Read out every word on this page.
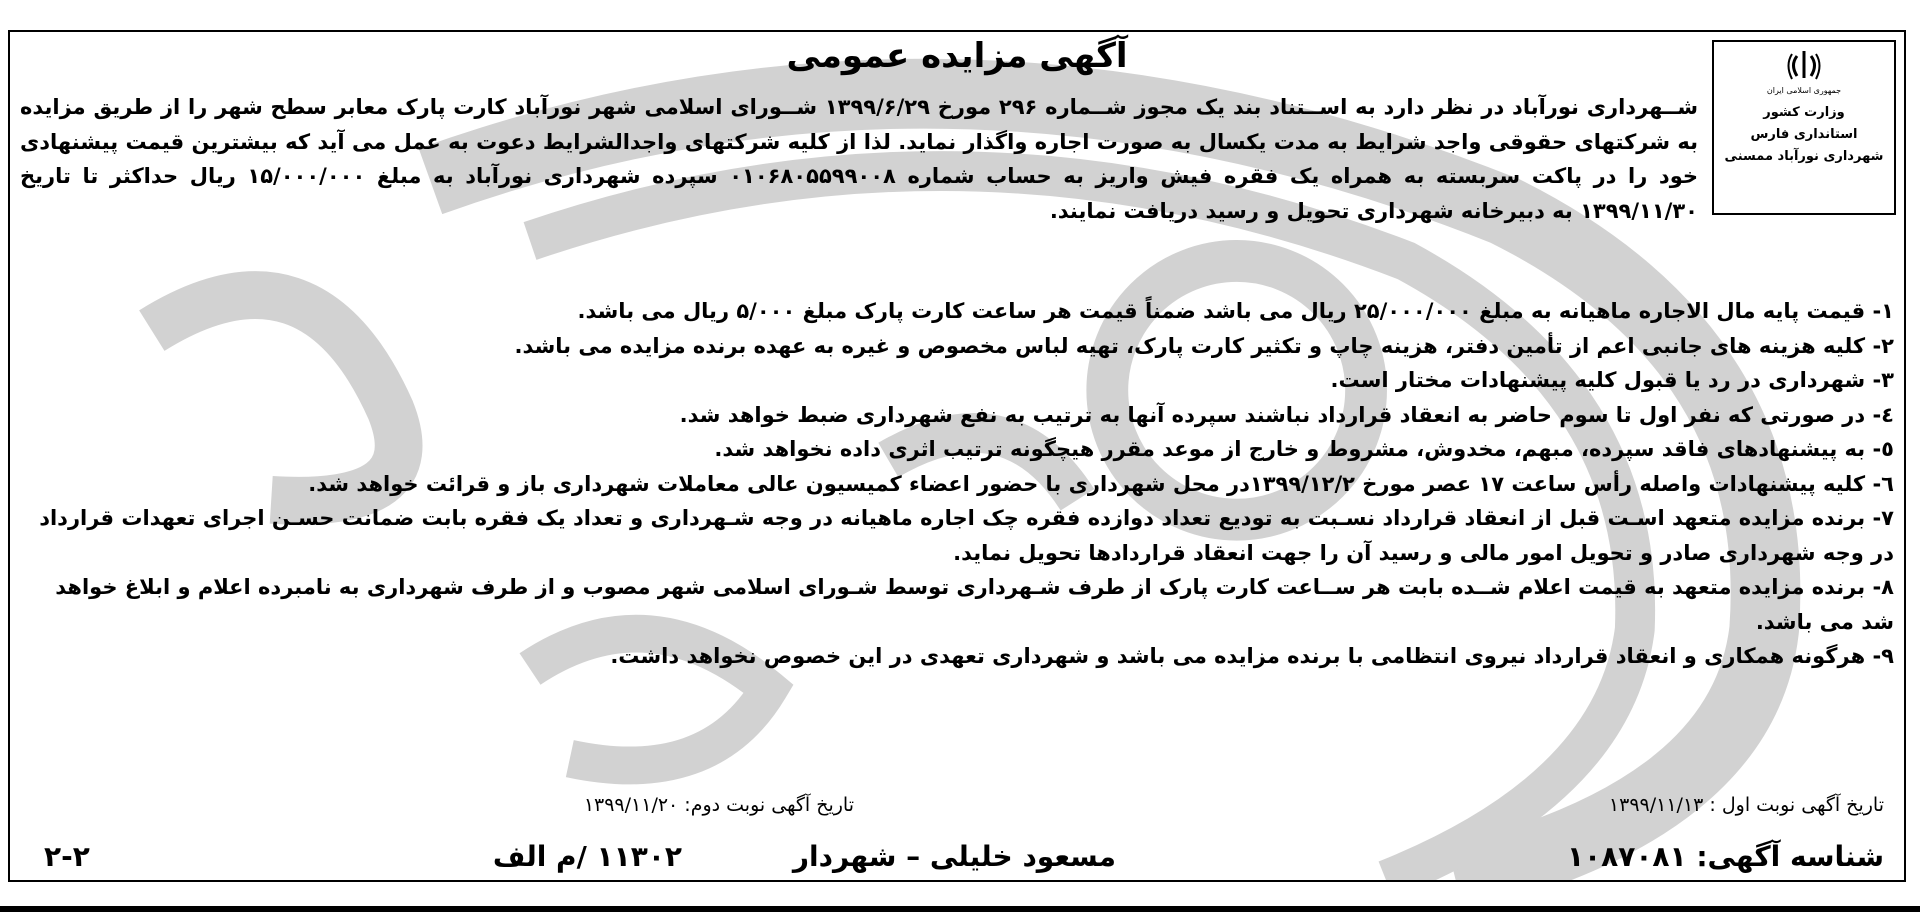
جمهوری اسلامی ایران
وزارت کشور
استانداری فارس
شهرداری نورآباد ممسنی
آگهی مزایده عمومی
شــهرداری نورآباد در نظر دارد به اســتناد بند یک مجوز شــماره ۲۹۶ مورخ ۱۳۹۹/۶/۲۹ شــورای اسلامی شهر نورآباد کارت پارک معابر سطح شهر را از طریق مزایده به شرکتهای حقوقی واجد شرایط به مدت یکسال به صورت اجاره واگذار نماید. لذا از کلیه شرکتهای واجدالشرایط دعوت به عمل می آید که بیشترین قیمت پیشنهادی خود را در پاکت سربسته به همراه یک فقره فیش واریز به حساب شماره ۰۱۰۶۸۰۵۵۹۹۰۰۸ سپرده شهرداری نورآباد به مبلغ ۱۵/۰۰۰/۰۰۰ ریال حداکثر تا تاریخ ۱۳۹۹/۱۱/۳۰ به دبیرخانه شهرداری تحویل و رسید دریافت نمایند.

۱- قیمت پایه مال الاجاره ماهیانه به مبلغ ۲۵/۰۰۰/۰۰۰ ریال می باشد ضمناً قیمت هر ساعت کارت پارک مبلغ ۵/۰۰۰ ریال می باشد.

۲- کلیه هزینه های جانبی اعم از تأمین دفتر، هزینه چاپ و تکثیر کارت پارک، تهیه لباس مخصوص و غیره به عهده برنده مزایده می باشد.

۳- شهرداری در رد یا قبول کلیه پیشنهادات مختار است.

٤- در صورتی که نفر اول تا سوم حاضر به انعقاد قرارداد نباشند سپرده آنها به ترتیب به نفع شهرداری ضبط خواهد شد.

٥- به پیشنهادهای فاقد سپرده، مبهم، مخدوش، مشروط و خارج از موعد مقرر هیچگونه ترتیب اثری داده نخواهد شد.

٦- کلیه پیشنهادات واصله رأس ساعت ۱۷ عصر مورخ ۱۳۹۹/۱۲/۲در محل شهرداری با حضور اعضاء کمیسیون عالی معاملات شهرداری باز و قرائت خواهد شد.

۷- برنده مزایده متعهد اسـت قبل از انعقاد قرارداد نسـبت به تودیع تعداد دوازده فقره چک اجاره ماهیانه در وجه شـهرداری و تعداد یک فقره بابت ضمانت حسـن اجرای تعهدات قرارداد در وجه شهرداری صادر و تحویل امور مالی و رسید آن را جهت انعقاد قراردادها تحویل نماید.

۸- برنده مزایده متعهد به قیمت اعلام شــده بابت هر ســاعت کارت پارک از طرف شـهرداری توسط شـورای اسلامی شهر مصوب و از طرف شهرداری به نامبرده اعلام و ابلاغ خواهد شد می باشد.

۹- هرگونه همکاری و انعقاد قرارداد نیروی انتظامی با برنده مزایده می باشد و شهرداری تعهدی در این خصوص نخواهد داشت.

تاریخ آگهی نوبت اول : ۱۳۹۹/۱۱/۱۳
تاریخ آگهی نوبت دوم: ۱۳۹۹/۱۱/۲۰
شناسه آگهی: ۱۰۸۷۰۸۱
مسعود خلیلی – شهردار
۱۱۳۰۲ /م الف
۲-۲
